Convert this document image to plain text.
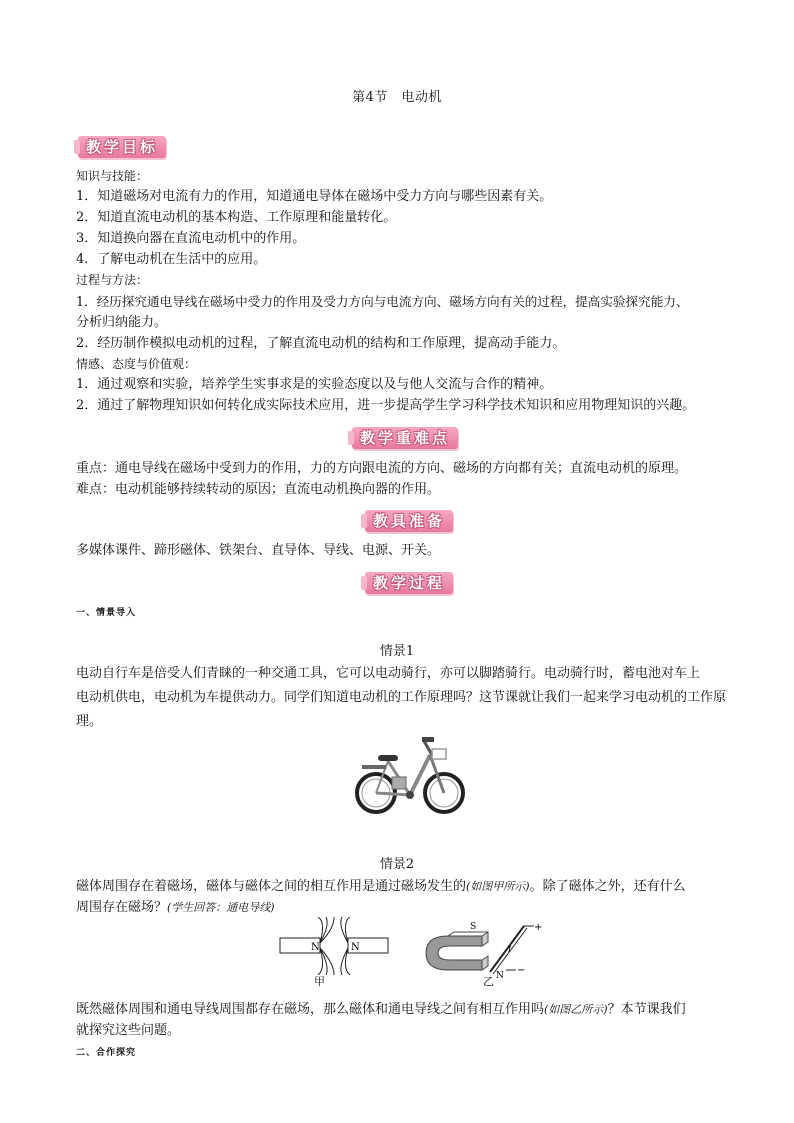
第4节　电动机
教学目标
知识与技能：
1．知道磁场对电流有力的作用，知道通电导体在磁场中受力方向与哪些因素有关。
2．知道直流电动机的基本构造、工作原理和能量转化。
3．知道换向器在直流电动机中的作用。
4．了解电动机在生活中的应用。
过程与方法：
1．经历探究通电导线在磁场中受力的作用及受力方向与电流方向、磁场方向有关的过程，提高实验探究能力、
分析归纳能力。
2．经历制作模拟电动机的过程，了解直流电动机的结构和工作原理，提高动手能力。
情感、态度与价值观：
1．通过观察和实验，培养学生实事求是的实验态度以及与他人交流与合作的精神。
2．通过了解物理知识如何转化成实际技术应用，进一步提高学生学习科学技术知识和应用物理知识的兴趣。
教学重难点
重点：通电导线在磁场中受到力的作用，力的方向跟电流的方向、磁场的方向都有关；直流电动机的原理。
难点：电动机能够持续转动的原因；直流电动机换向器的作用。
教具准备
多媒体课件、蹄形磁体、铁架台、直导体、导线、电源、开关。
教学过程
一、情景导入
情景1
电动自行车是倍受人们青睐的一种交通工具，它可以电动骑行，亦可以脚踏骑行。电动骑行时，蓄电池对车上
电动机供电，电动机为车提供动力。同学们知道电动机的工作原理吗？这节课就让我们一起来学习电动机的工作原
理。
情景2
磁体周围存在着磁场，磁体与磁体之间的相互作用是通过磁场发生的(如图甲所示)。除了磁体之外，还有什么
周围存在磁场？(学生回答：通电导线)
N	N
甲
S
N
+
−
I
乙
既然磁体周围和通电导线周围都存在磁场，那么磁体和通电导线之间有相互作用吗(如图乙所示)？本节课我们
就探究这些问题。
二、合作探究
